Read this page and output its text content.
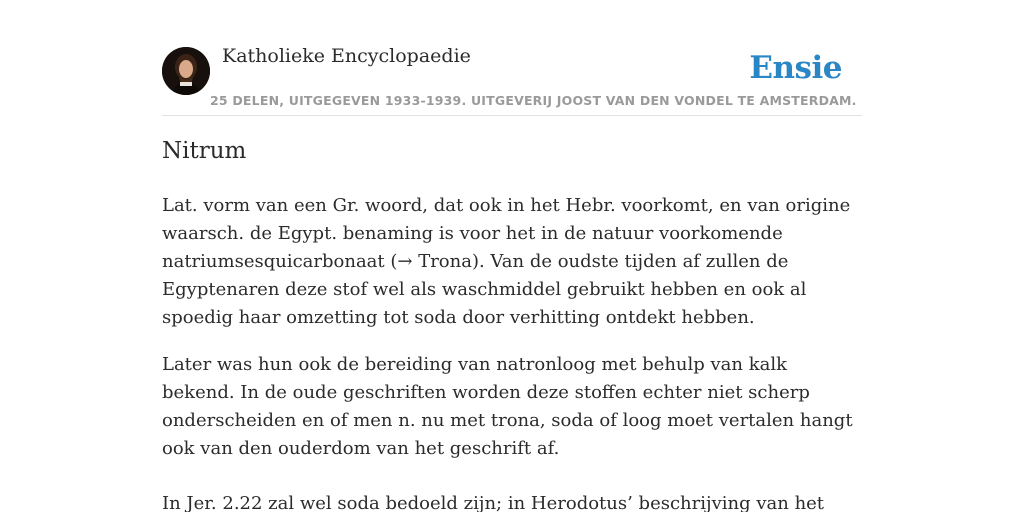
Katholieke Encyclopaedie	Ensie
25 DELEN, UITGEGEVEN 1933-1939. UITGEVERIJ JOOST VAN DEN VONDEL TE AMSTERDAM.
Nitrum

Lat. vorm van een Gr. woord, dat ook in het Hebr. voorkomt, en van origine waarsch. de Egypt. benaming is voor het in de natuur voorkomende natriumsesquicarbonaat (→ Trona). Van de oudste tijden af zullen de Egyptenaren deze stof wel als waschmiddel gebruikt hebben en ook al spoedig haar omzetting tot soda door verhitting ontdekt hebben.

Later was hun ook de bereiding van natronloog met behulp van kalk bekend. In de oude geschriften worden deze stoffen echter niet scherp onderscheiden en of men n. nu met trona, soda of loog moet vertalen hangt ook van den ouderdom van het geschrift af.

In Jer. 2.22 zal wel soda bedoeld zijn; in Herodotus’ beschrijving van het
